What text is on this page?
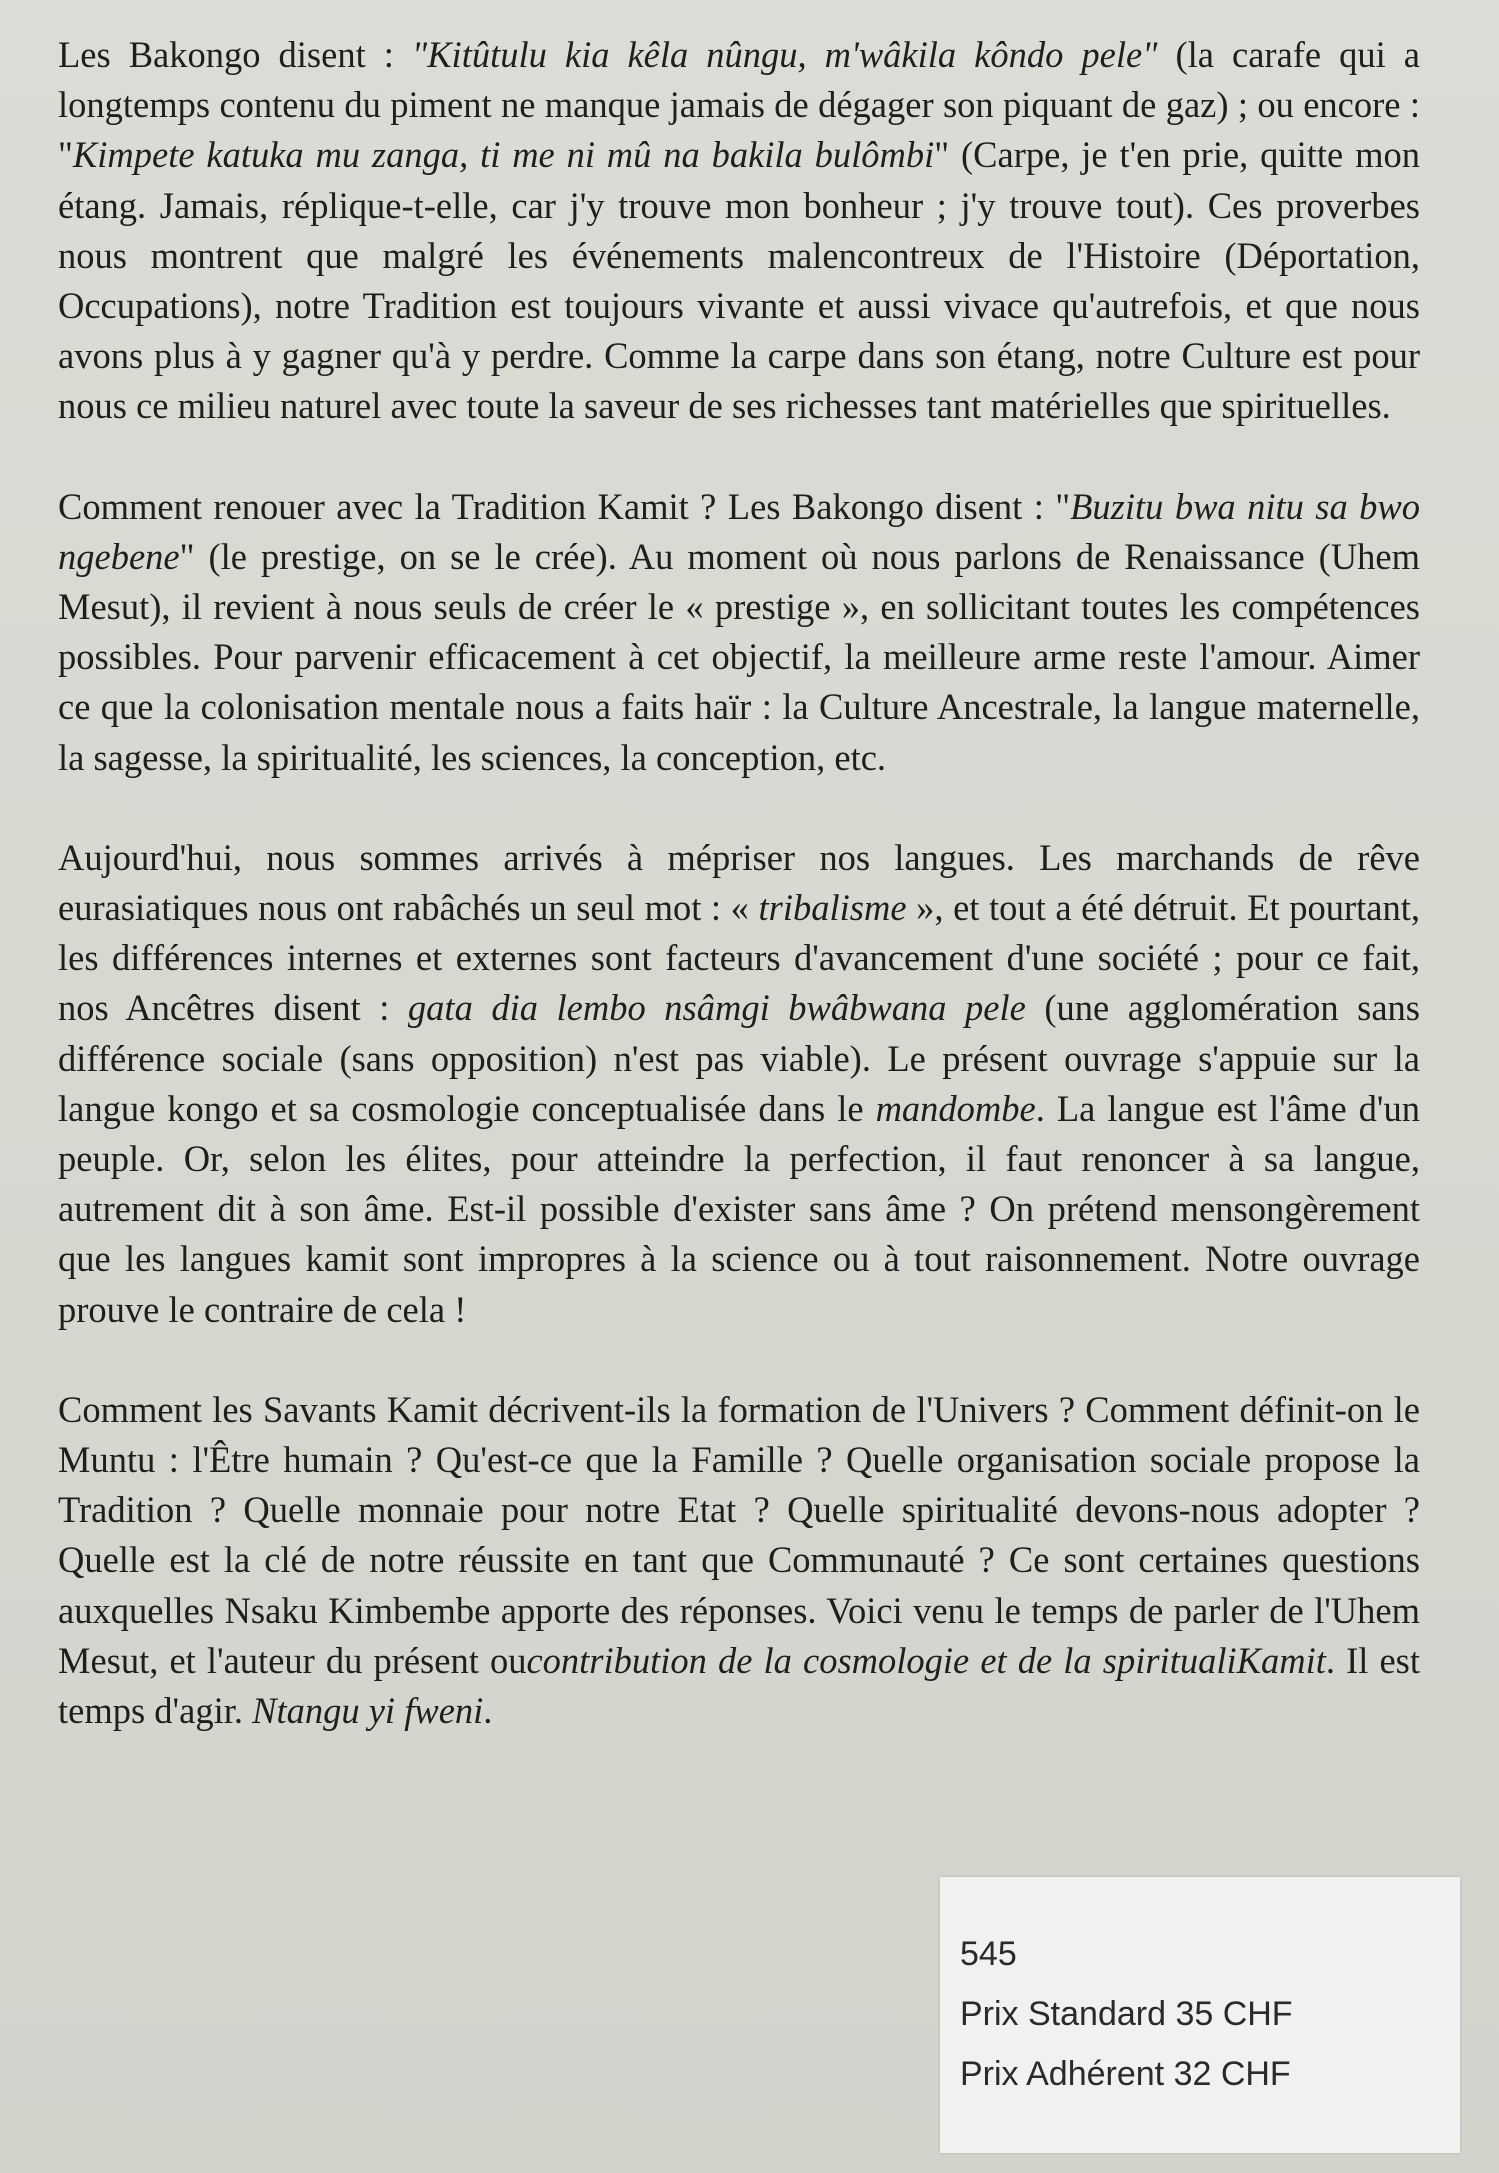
Les Bakongo disent : "Kitûtulu kia kêla nûngu, m'wâkila kôndo pele" (la carafe qui a longtemps contenu du piment ne manque jamais de dégager son piquant de gaz) ; ou encore : "Kimpete katuka mu zanga, ti me ni mû na bakila bulômbi" (Carpe, je t'en prie, quitte mon étang. Jamais, réplique-t-elle, car j'y trouve mon bonheur ; j'y trouve tout). Ces proverbes nous montrent que malgré les événements malencontreux de l'Histoire (Déportation, Occupations), notre Tradition est toujours vivante et aussi vivace qu'autrefois, et que nous avons plus à y gagner qu'à y perdre. Comme la carpe dans son étang, notre Culture est pour nous ce milieu naturel avec toute la saveur de ses richesses tant matérielles que spirituelles.

Comment renouer avec la Tradition Kamit ? Les Bakongo disent : "Buzitu bwa nitu sa bwo ngebene" (le prestige, on se le crée). Au moment où nous parlons de Renaissance (Uhem Mesut), il revient à nous seuls de créer le « prestige », en sollicitant toutes les compétences possibles. Pour parvenir efficacement à cet objectif, la meilleure arme reste l'amour. Aimer ce que la colonisation mentale nous a faits haïr : la Culture Ancestrale, la langue maternelle, la sagesse, la spiritualité, les sciences, la conception, etc.

Aujourd'hui, nous sommes arrivés à mépriser nos langues. Les marchands de rêve eurasiatiques nous ont rabâchés un seul mot : « tribalisme », et tout a été détruit. Et pourtant, les différences internes et externes sont facteurs d'avancement d'une société ; pour ce fait, nos Ancêtres disent : gata dia lembo nsâmgi bwâbwana pele (une agglomération sans différence sociale (sans opposition) n'est pas viable). Le présent ouvrage s'appuie sur la langue kongo et sa cosmologie conceptualisée dans le mandombe. La langue est l'âme d'un peuple. Or, selon les élites, pour atteindre la perfection, il faut renoncer à sa langue, autrement dit à son âme. Est-il possible d'exister sans âme ? On prétend mensongèrement que les langues kamit sont impropres à la science ou à tout raisonnement. Notre ouvrage prouve le contraire de cela !

Comment les Savants Kamit décrivent-ils la formation de l'Univers ? Comment définit-on le Muntu : l'Être humain ? Qu'est-ce que la Famille ? Quelle organisation sociale propose la Tradition ? Quelle monnaie pour notre Etat ? Quelle spiritualité devons-nous adopter ? Quelle est la clé de notre réussite en tant que Communauté ? Ce sont certaines questions auxquelles Nsaku Kimbembe apporte des réponses. Voici venu le temps de parler de l'Uhem Mesut, et l'auteur du présent oucontribution de la cosmologie et de la spiritualiKamit. Il est temps d'agir. Ntangu yi fweni.

545
Prix Standard 35 CHF
Prix Adhérent 32 CHF
